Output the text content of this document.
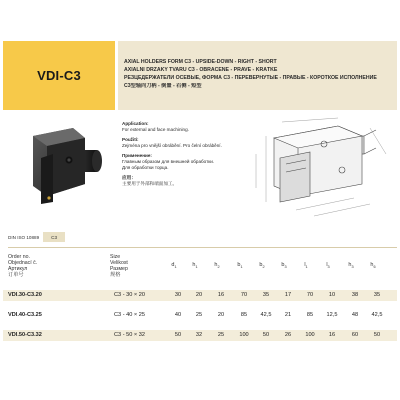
VDI-C3
AXIAL HOLDERS FORM C3 - UPSIDE-DOWN - RIGHT - SHORT
AXIÁLNÍ DRŽÁKY TVARU C3 - OBRÁCENÉ - PRAVÉ - KRÁTKÉ
РЕЗЦЕДЕРЖАТЕЛИ ОСЕВЫЕ, ФОРМА C3 - ПЕРЕВЕРНУТЫЕ - ПРАВЫЕ - КОРОТКОЕ ИСПОЛНЕНИЕ
C3型轴向刀柄 - 倒置 - 右侧 - 短型
Application:
For external and face machining.
Použití:
Zejména pro vnější obrábění. Pro čelní obrábění.
Применение:
Главным образом для внешней обработки. Для обработки торца.
应用：
主要用于外部和端面加工。
DIN ISO 10889	C3
Order no.
Objednací č.
Артикул
订单号
Size
Velikost
Размер
规格
$d_1$	$h_1$	$h_2$	$b_1$	$b_2$	$b_3$	$l_1$	$l_3$	$h_3$	$h_6$
VDI.30-C3.20	C3 - 30 × 20	30	20	16	70	35	17	70	10	38	35
VDI.40-C3.25	C3 - 40 × 25	40	25	20	85	42,5	21	85	12,5	48	42,5
VDI.50-C3.32	C3 - 50 × 32	50	32	25	100	50	26	100	16	60	50
